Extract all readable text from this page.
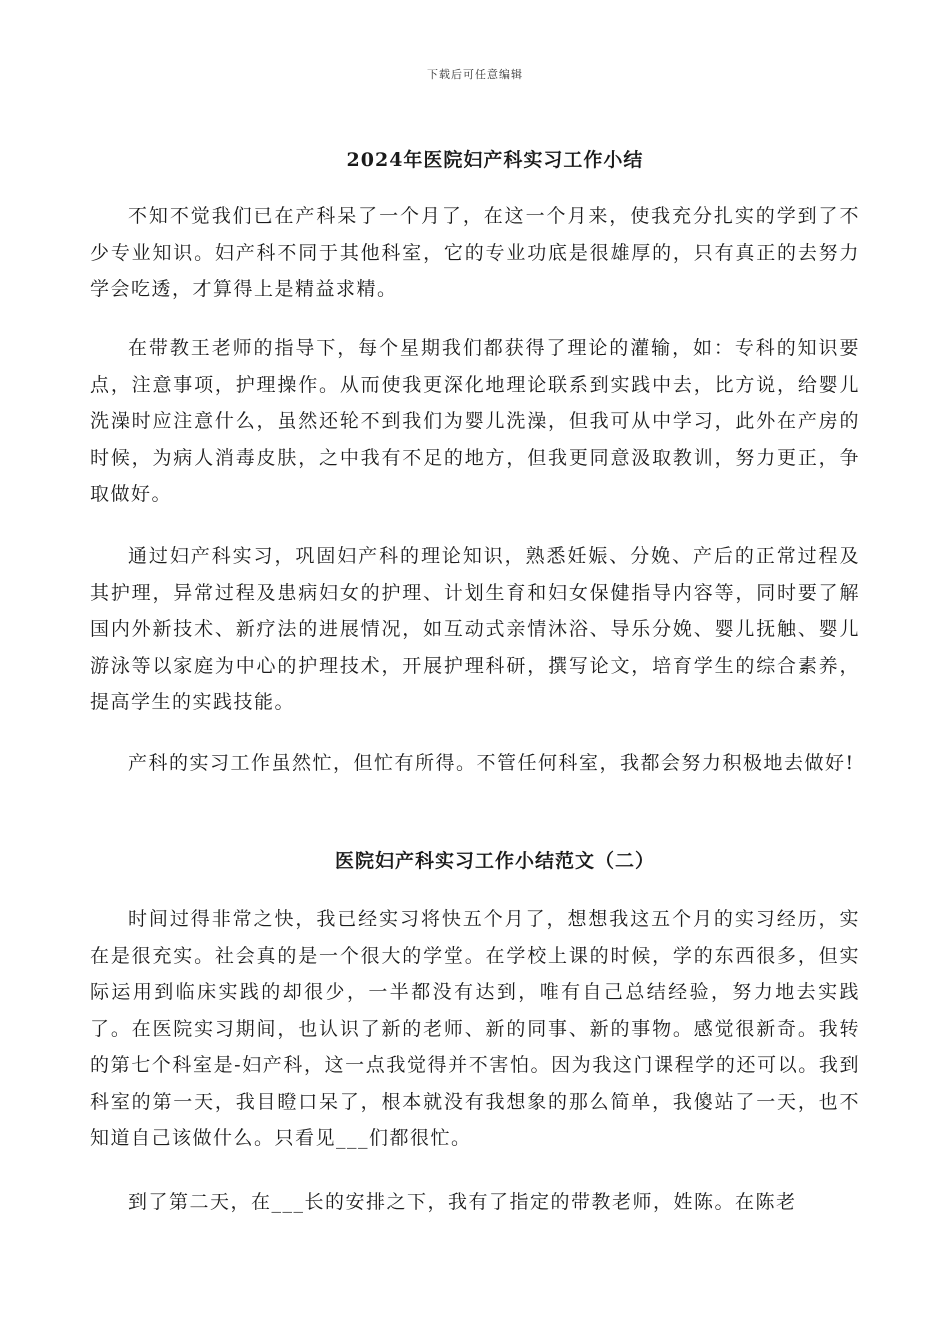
下载后可任意编辑
2024年医院妇产科实习工作小结

不知不觉我们已在产科呆了一个月了，在这一个月来，使我充分扎实的学到了不少专业知识。妇产科不同于其他科室，它的专业功底是很雄厚的，只有真正的去努力学会吃透，才算得上是精益求精。

在带教王老师的指导下，每个星期我们都获得了理论的灌输，如：专科的知识要点，注意事项，护理操作。从而使我更深化地理论联系到实践中去，比方说，给婴儿洗澡时应注意什么，虽然还轮不到我们为婴儿洗澡，但我可从中学习，此外在产房的时候，为病人消毒皮肤，之中我有不足的地方，但我更同意汲取教训，努力更正，争取做好。

通过妇产科实习，巩固妇产科的理论知识，熟悉妊娠、分娩、产后的正常过程及其护理，异常过程及患病妇女的护理、计划生育和妇女保健指导内容等，同时要了解国内外新技术、新疗法的进展情况，如互动式亲情沐浴、导乐分娩、婴儿抚触、婴儿游泳等以家庭为中心的护理技术，开展护理科研，撰写论文，培育学生的综合素养，提高学生的实践技能。

产科的实习工作虽然忙，但忙有所得。不管任何科室，我都会努力积极地去做好!

医院妇产科实习工作小结范文（二）

时间过得非常之快，我已经实习将快五个月了，想想我这五个月的实习经历，实在是很充实。社会真的是一个很大的学堂。在学校上课的时候，学的东西很多，但实际运用到临床实践的却很少，一半都没有达到，唯有自己总结经验，努力地去实践了。在医院实习期间，也认识了新的老师、新的同事、新的事物。感觉很新奇。我转的第七个科室是-妇产科，这一点我觉得并不害怕。因为我这门课程学的还可以。我到科室的第一天，我目瞪口呆了，根本就没有我想象的那么简单，我傻站了一天，也不知道自己该做什么。只看见___们都很忙。

到了第二天，在___长的安排之下，我有了指定的带教老师，姓陈。在陈老
